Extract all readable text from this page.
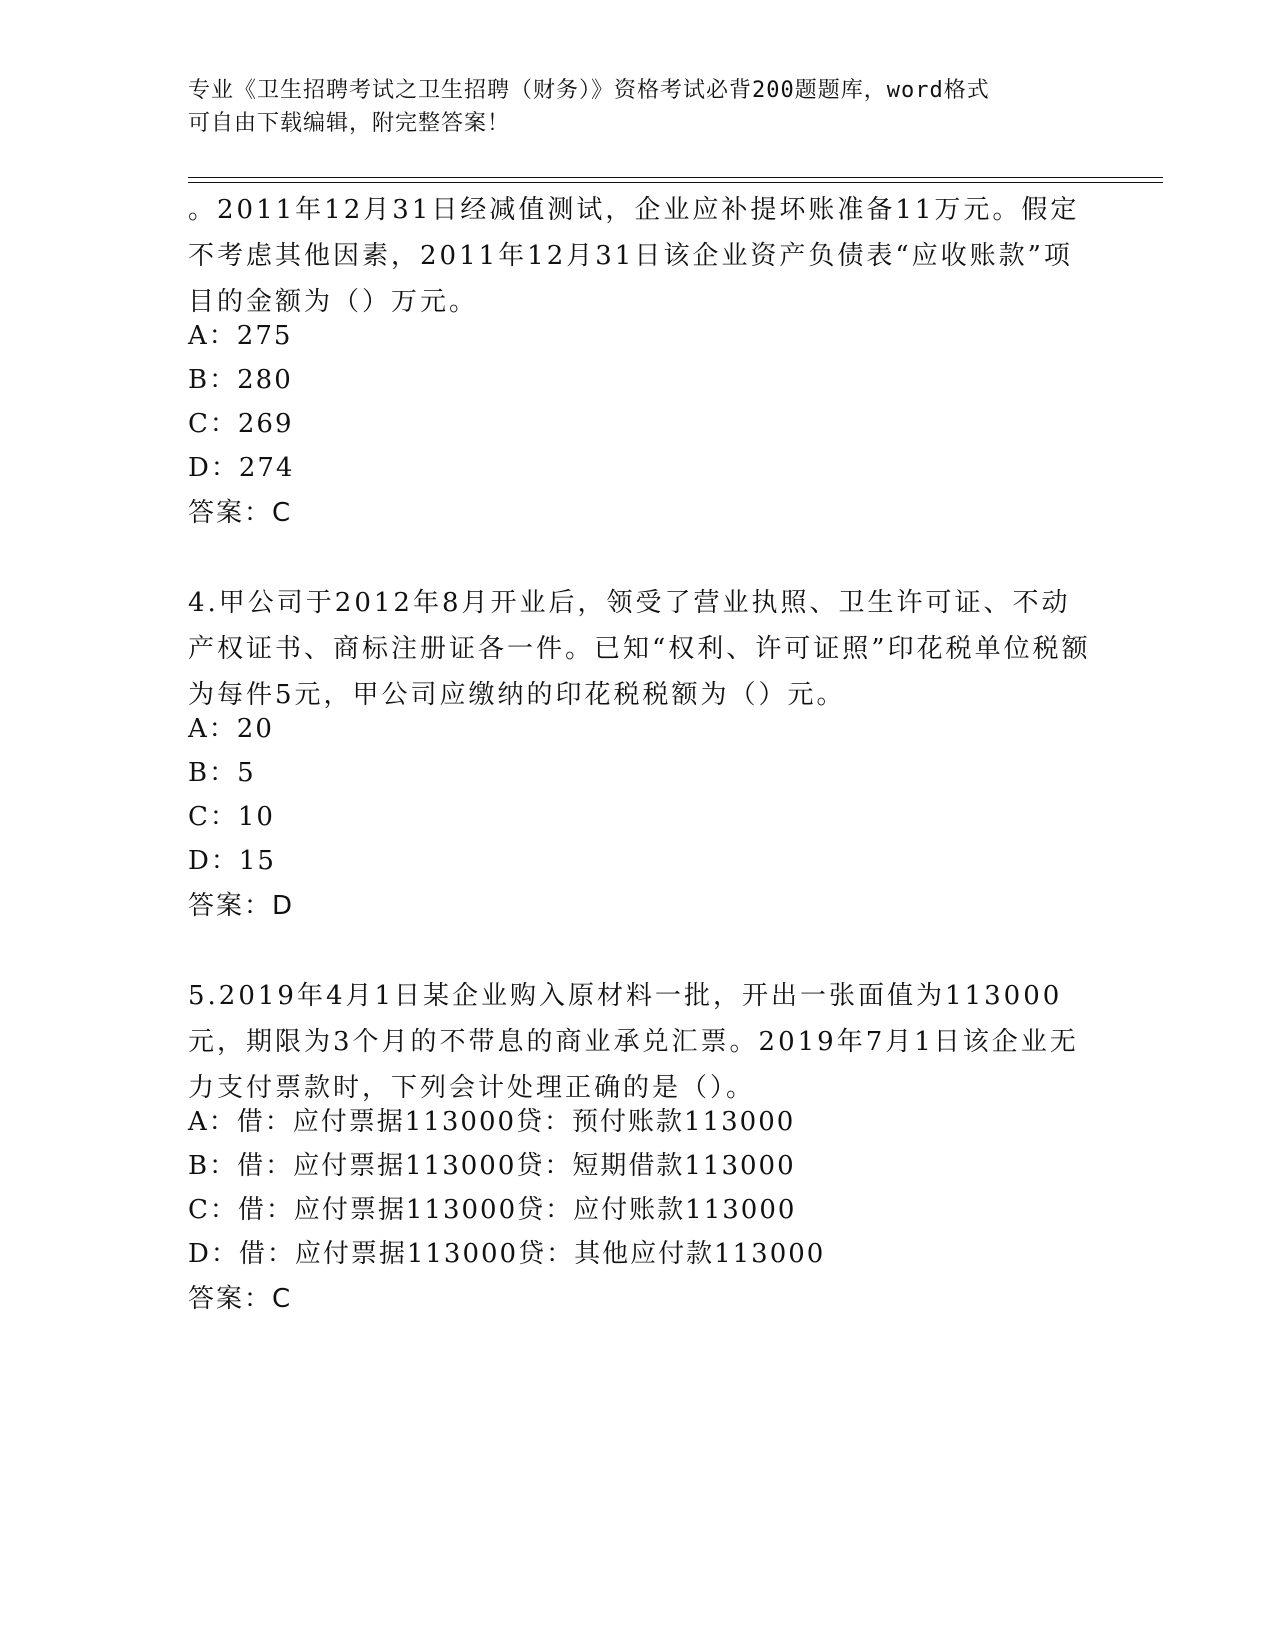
专业《卫生招聘考试之卫生招聘（财务）》资格考试必背200题题库，word格式
可自由下载编辑，附完整答案！

。2011年12月31日经减值测试，企业应补提坏账准备11万元。假定不考虑其他因素，2011年12月31日该企业资产负债表“应收账款”项目的金额为（）万元。

A：275
B：280
C：269
D：274
答案：C

4.甲公司于2012年8月开业后，领受了营业执照、卫生许可证、不动产权证书、商标注册证各一件。已知“权利、许可证照”印花税单位税额为每件5元，甲公司应缴纳的印花税税额为（）元。

A：20
B：5
C：10
D：15
答案：D

5.2019年4月1日某企业购入原材料一批，开出一张面值为113000元，期限为3个月的不带息的商业承兑汇票。2019年7月1日该企业无力支付票款时，下列会计处理正确的是（）。

A：借：应付票据113000贷：预付账款113000
B：借：应付票据113000贷：短期借款113000
C：借：应付票据113000贷：应付账款113000
D：借：应付票据113000贷：其他应付款113000
答案：C
